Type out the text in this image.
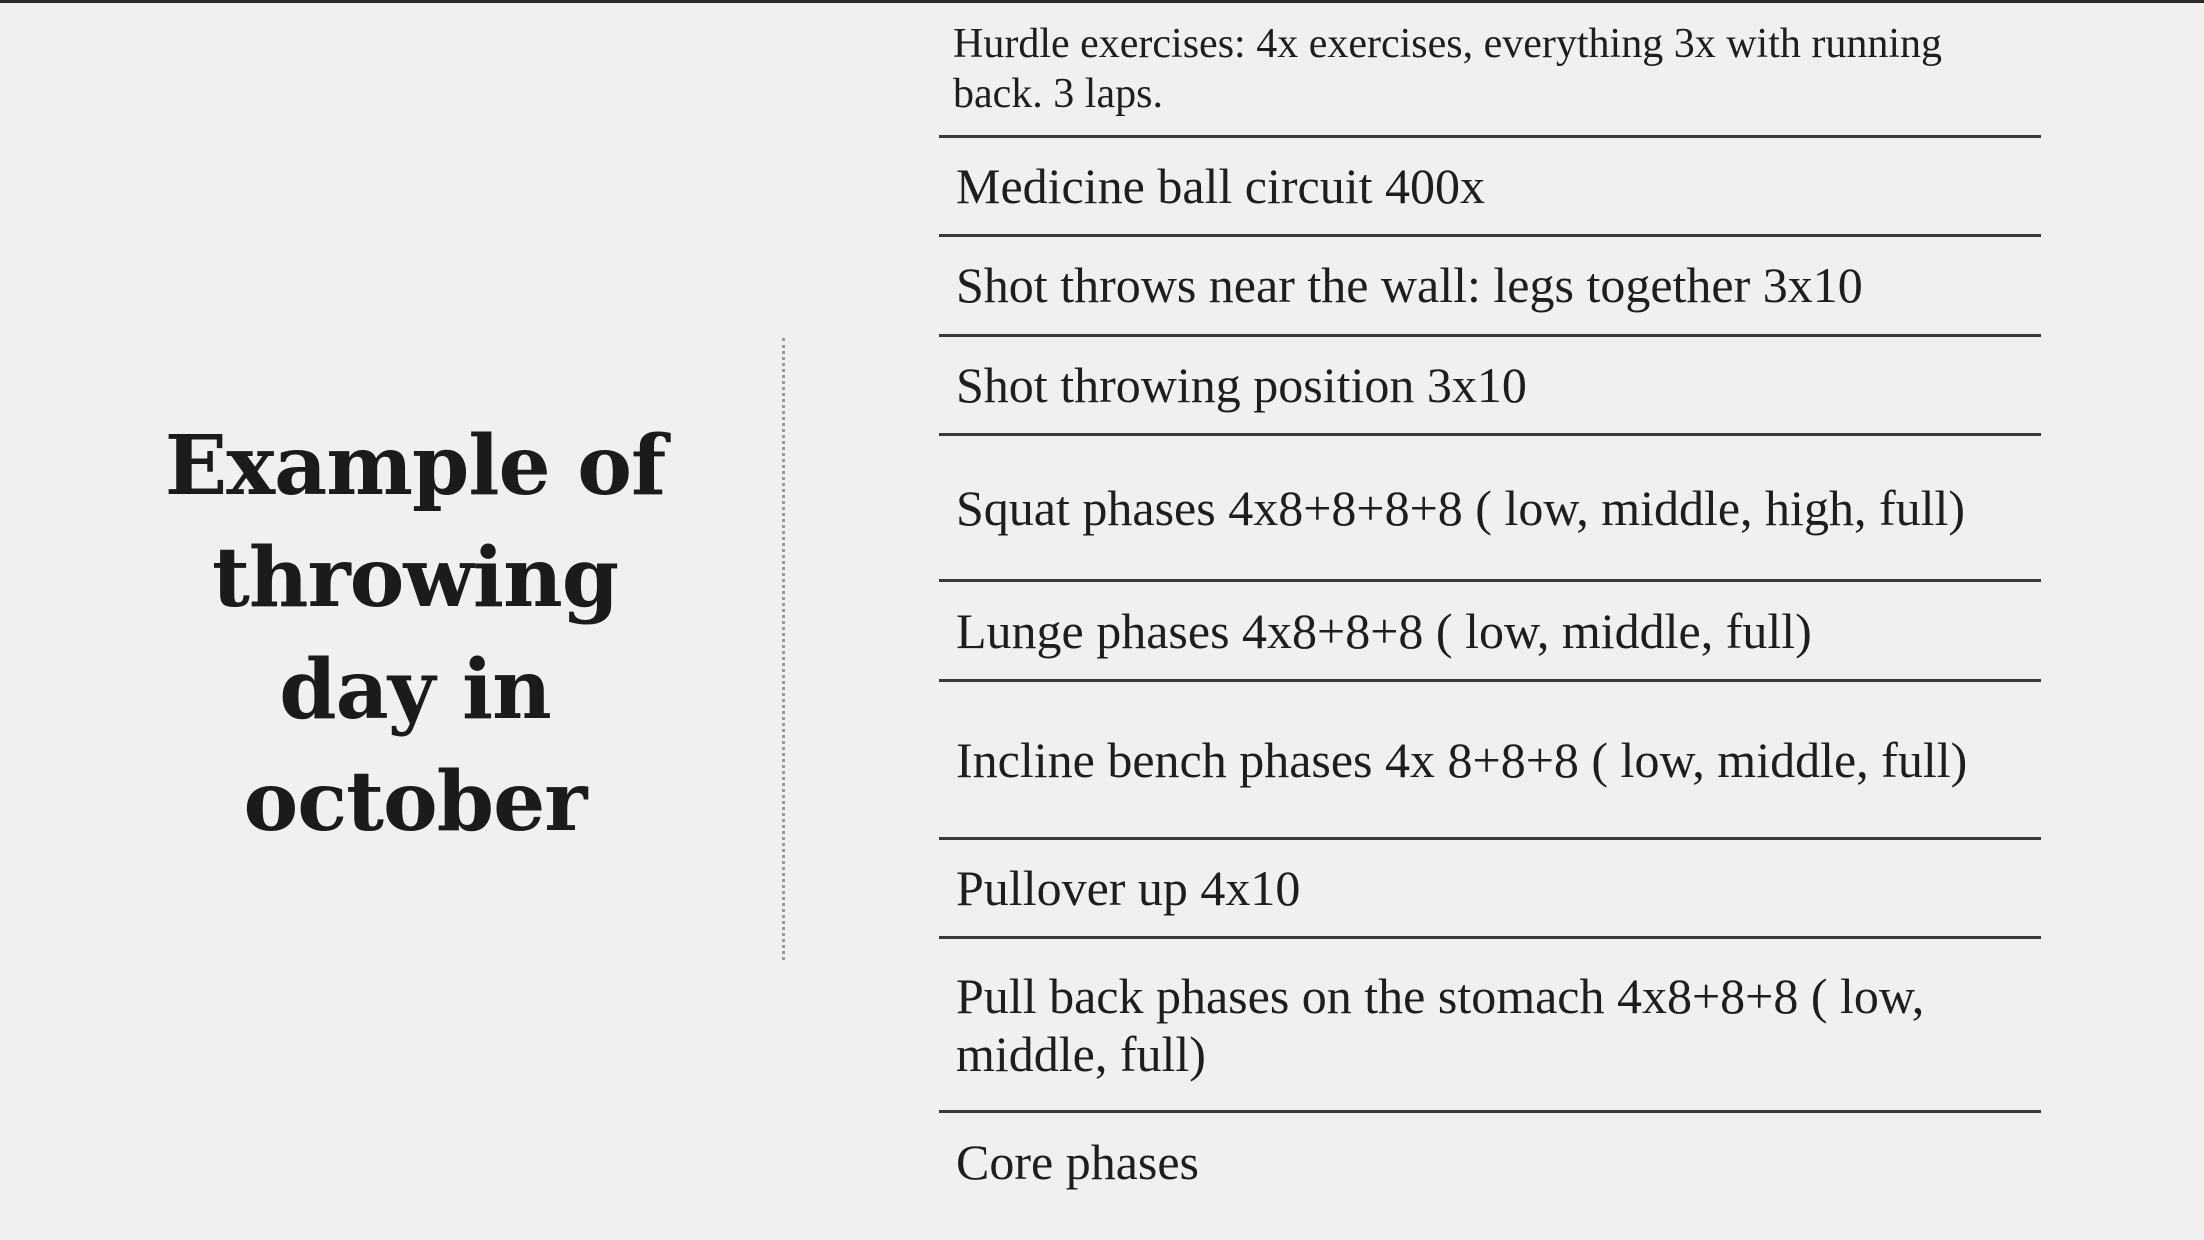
Example of
throwing
day in
october
Hurdle exercises: 4x exercises, everything 3x with running back. 3 laps.
Medicine ball circuit 400x
Shot throws near the wall: legs together 3x10
Shot throwing position 3x10
Squat phases 4x8+8+8+8 ( low, middle, high, full)
Lunge phases 4x8+8+8 ( low, middle, full)
Incline bench phases 4x 8+8+8 ( low, middle, full)
Pullover up 4x10
Pull back phases on the stomach 4x8+8+8 ( low, middle, full)
Core phases
